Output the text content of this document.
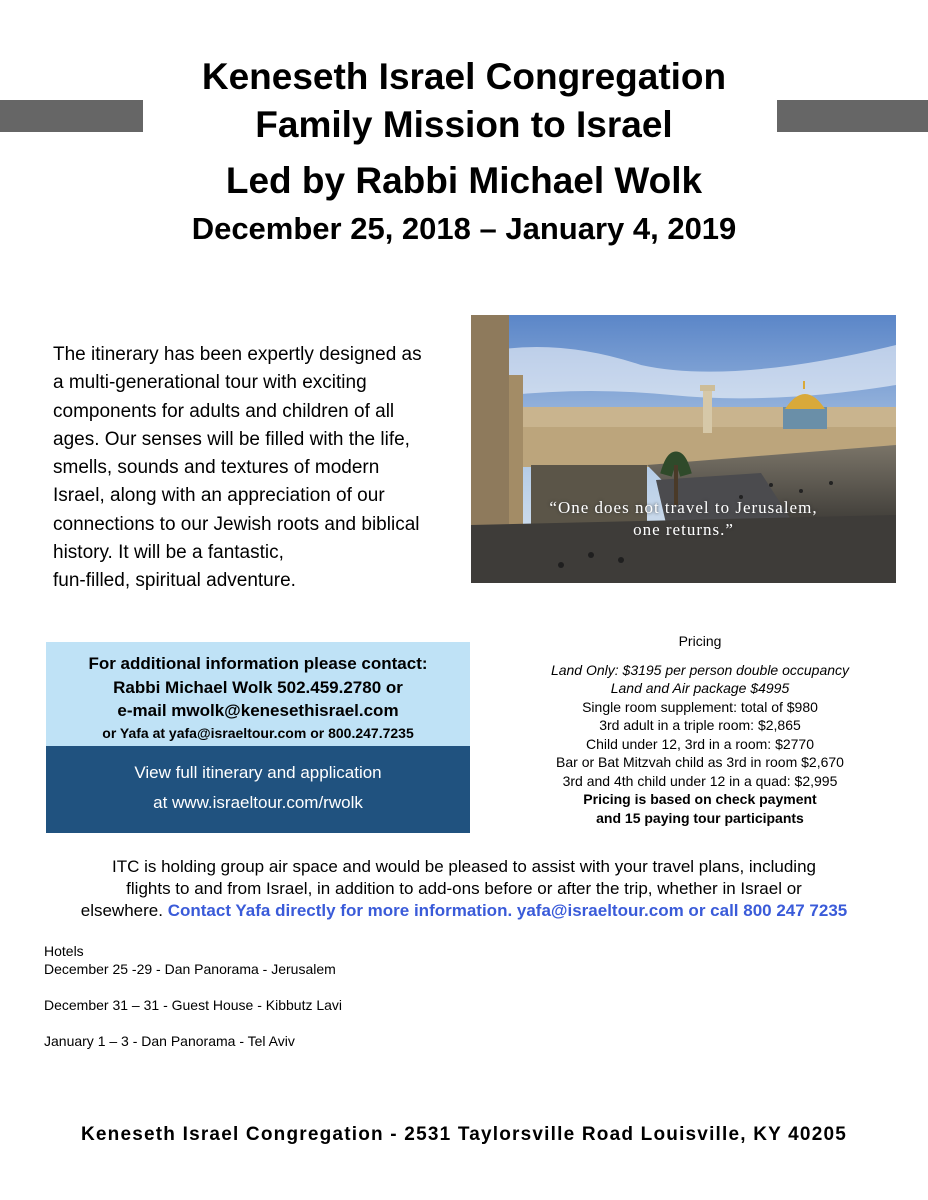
Keneseth Israel Congregation
Family Mission to Israel
Led by Rabbi Michael Wolk
December 25, 2018 – January 4, 2019

The itinerary has been expertly designed as

a multi-generational tour with exciting

components for adults and children of all

ages. Our senses will be filled with the life,

smells, sounds and textures of modern

Israel, along with an appreciation of our

connections to our Jewish roots and biblical

history. It will be a fantastic,

fun-filled, spiritual adventure.

“One does not travel to Jerusalem,
one returns.”
For additional information please contact:
Rabbi Michael Wolk 502.459.2780 or
e-mail mwolk@kenesethisrael.com
or Yafa at yafa@israeltour.com or 800.247.7235
View full itinerary and application
at www.israeltour.com/rwolk
Pricing
Land Only: $3195 per person double occupancy
Land and Air package $4995
Single room supplement: total of $980
3rd adult in a triple room: $2,865
Child under 12, 3rd in a room: $2770
Bar or Bat Mitzvah child as 3rd in room $2,670
3rd and 4th child under 12 in a quad: $2,995
Pricing is based on check payment
and 15 paying tour participants
ITC is holding group air space and would be pleased to assist with your travel plans, including
flights to and from Israel, in addition to add-ons before or after the trip, whether in Israel or
elsewhere. Contact Yafa directly for more information. yafa@israeltour.com or call 800 247 7235
Hotels
December 25 -29 - Dan Panorama - Jerusalem
December 31 – 31 - Guest House - Kibbutz Lavi
January 1 – 3 - Dan Panorama - Tel Aviv
Keneseth Israel Congregation - 2531 Taylorsville Road Louisville, KY 40205
